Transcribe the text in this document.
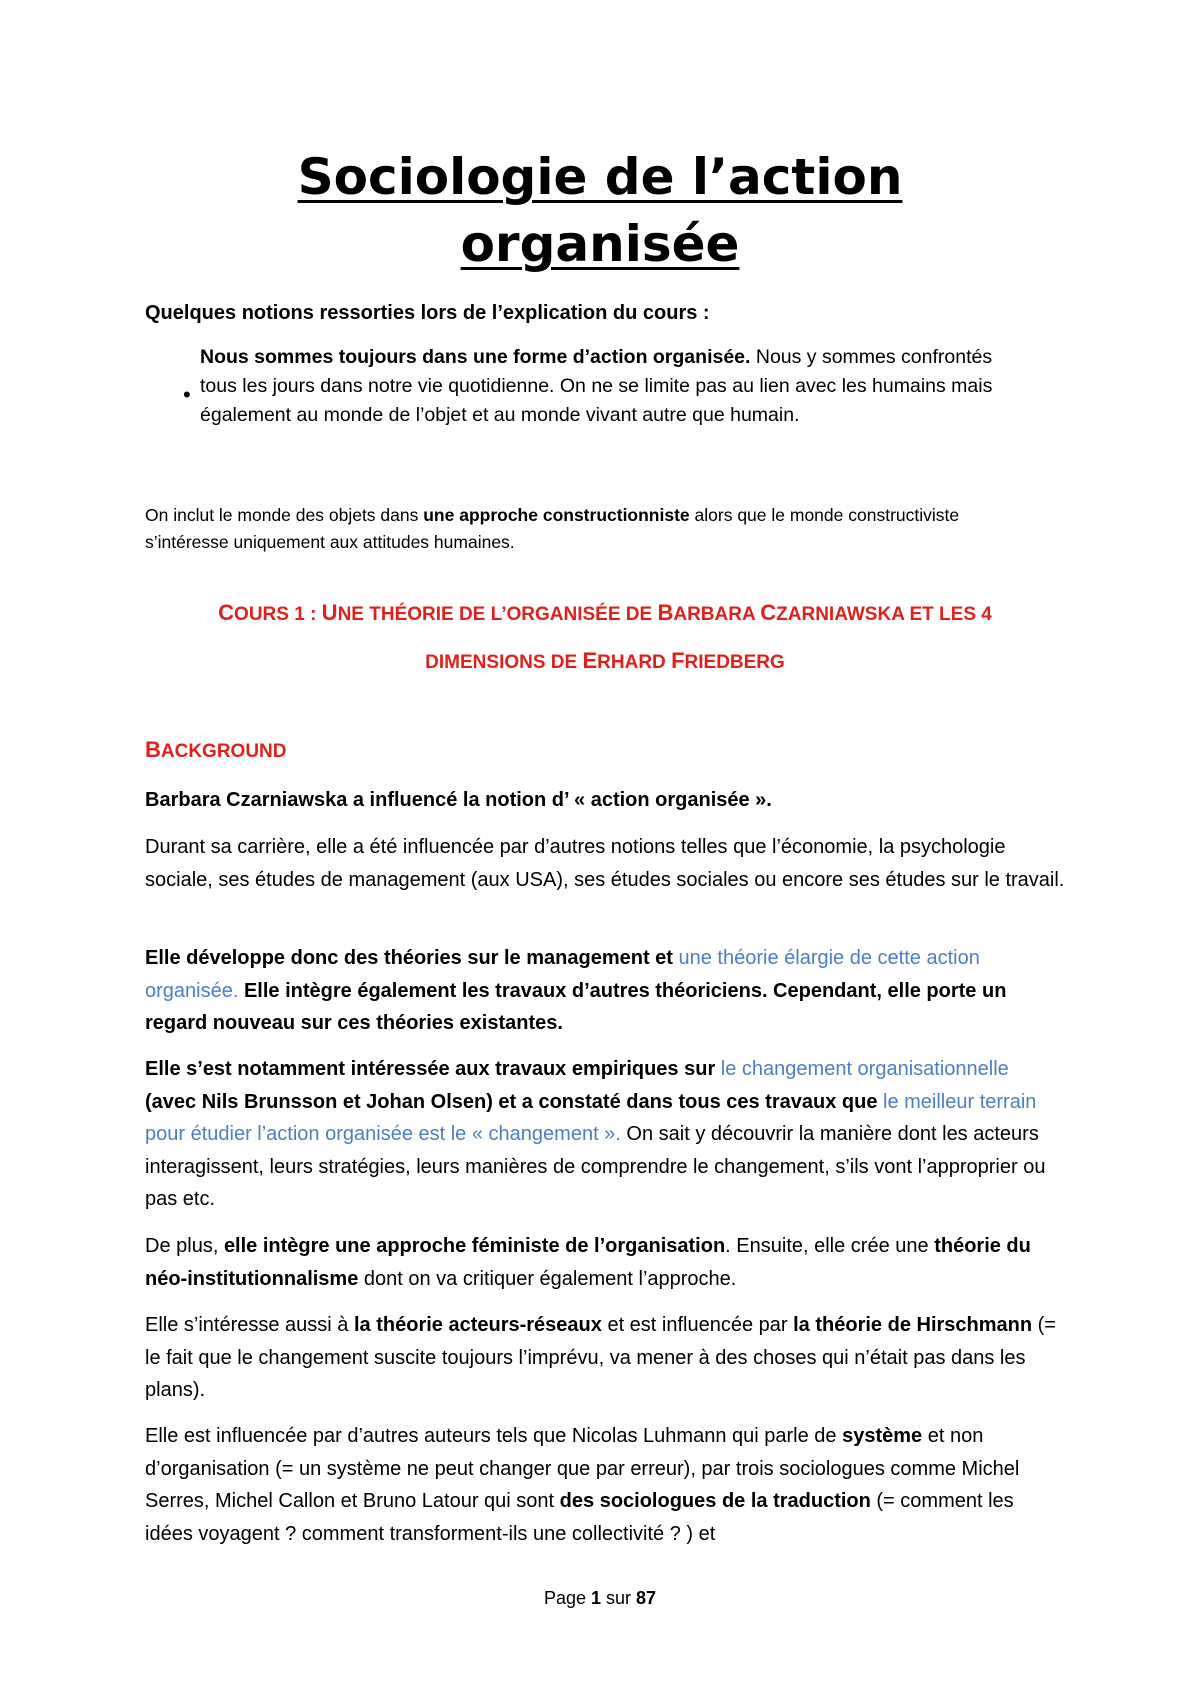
Sociologie de l’action
organisée
Quelques notions ressorties lors de l’explication du cours :
•
Nous sommes toujours dans une forme d’action organisée. Nous y sommes confrontés tous les jours dans notre vie quotidienne. On ne se limite pas au lien avec les humains mais également au monde de l’objet et au monde vivant autre que humain.
On inclut le monde des objets dans une approche constructionniste alors que le monde constructiviste s’intéresse uniquement aux attitudes humaines.
COURS 1 : UNE THÉORIE DE L’ORGANISÉE DE BARBARA CZARNIAWSKA ET LES 4
DIMENSIONS DE ERHARD FRIEDBERG
BACKGROUND
Barbara Czarniawska a influencé la notion d’ « action organisée ».
Durant sa carrière, elle a été influencée par d’autres notions telles que l’économie, la psychologie sociale, ses études de management (aux USA), ses études sociales ou encore ses études sur le travail.
Elle développe donc des théories sur le management et une théorie élargie de cette action organisée. Elle intègre également les travaux d’autres théoriciens. Cependant, elle porte un regard nouveau sur ces théories existantes.
Elle s’est notamment intéressée aux travaux empiriques sur le changement organisationnelle (avec Nils Brunsson et Johan Olsen) et a constaté dans tous ces travaux que le meilleur terrain pour étudier l’action organisée est le « changement ». On sait y découvrir la manière dont les acteurs interagissent, leurs stratégies, leurs manières de comprendre le changement, s’ils vont l’approprier ou pas etc.
De plus, elle intègre une approche féministe de l’organisation. Ensuite, elle crée une théorie du néo-institutionnalisme dont on va critiquer également l’approche.
Elle s’intéresse aussi à la théorie acteurs-réseaux et est influencée par la théorie de Hirschmann (= le fait que le changement suscite toujours l’imprévu, va mener à des choses qui n’était pas dans les plans).
Elle est influencée par d’autres auteurs tels que Nicolas Luhmann qui parle de système et non d’organisation (= un système ne peut changer que par erreur), par trois sociologues comme Michel Serres, Michel Callon et Bruno Latour qui sont des sociologues de la traduction (= comment les idées voyagent ? comment transforment-ils une collectivité ? ) et
Page 1 sur 87
